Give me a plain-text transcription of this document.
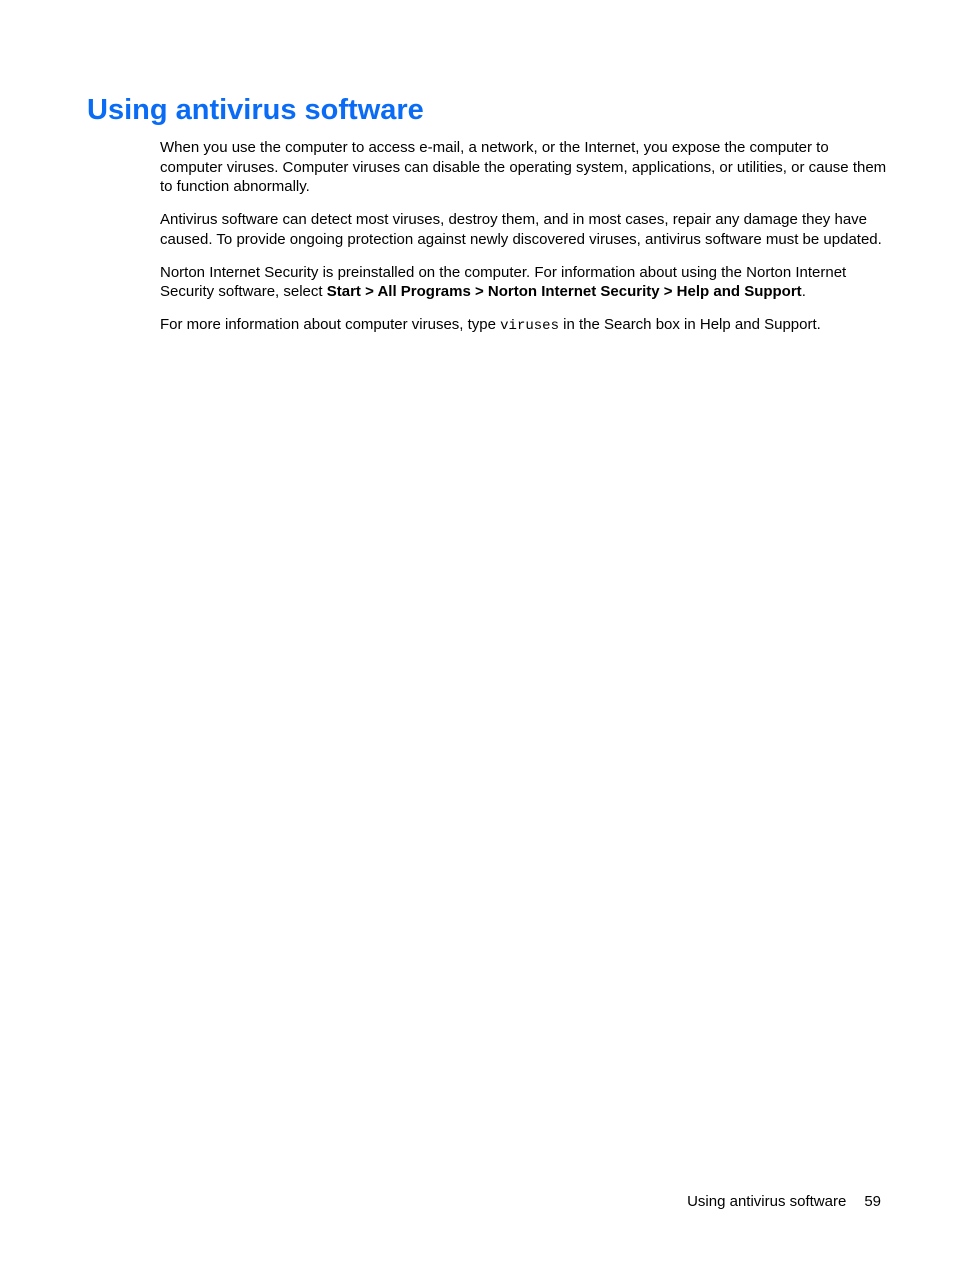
Using antivirus software

When you use the computer to access e-mail, a network, or the Internet, you expose the computer to computer viruses. Computer viruses can disable the operating system, applications, or utilities, or cause them to function abnormally.

Antivirus software can detect most viruses, destroy them, and in most cases, repair any damage they have caused. To provide ongoing protection against newly discovered viruses, antivirus software must be updated.

Norton Internet Security is preinstalled on the computer. For information about using the Norton Internet Security software, select Start > All Programs > Norton Internet Security > Help and Support.

For more information about computer viruses, type viruses in the Search box in Help and Support.

Using antivirus software 59
